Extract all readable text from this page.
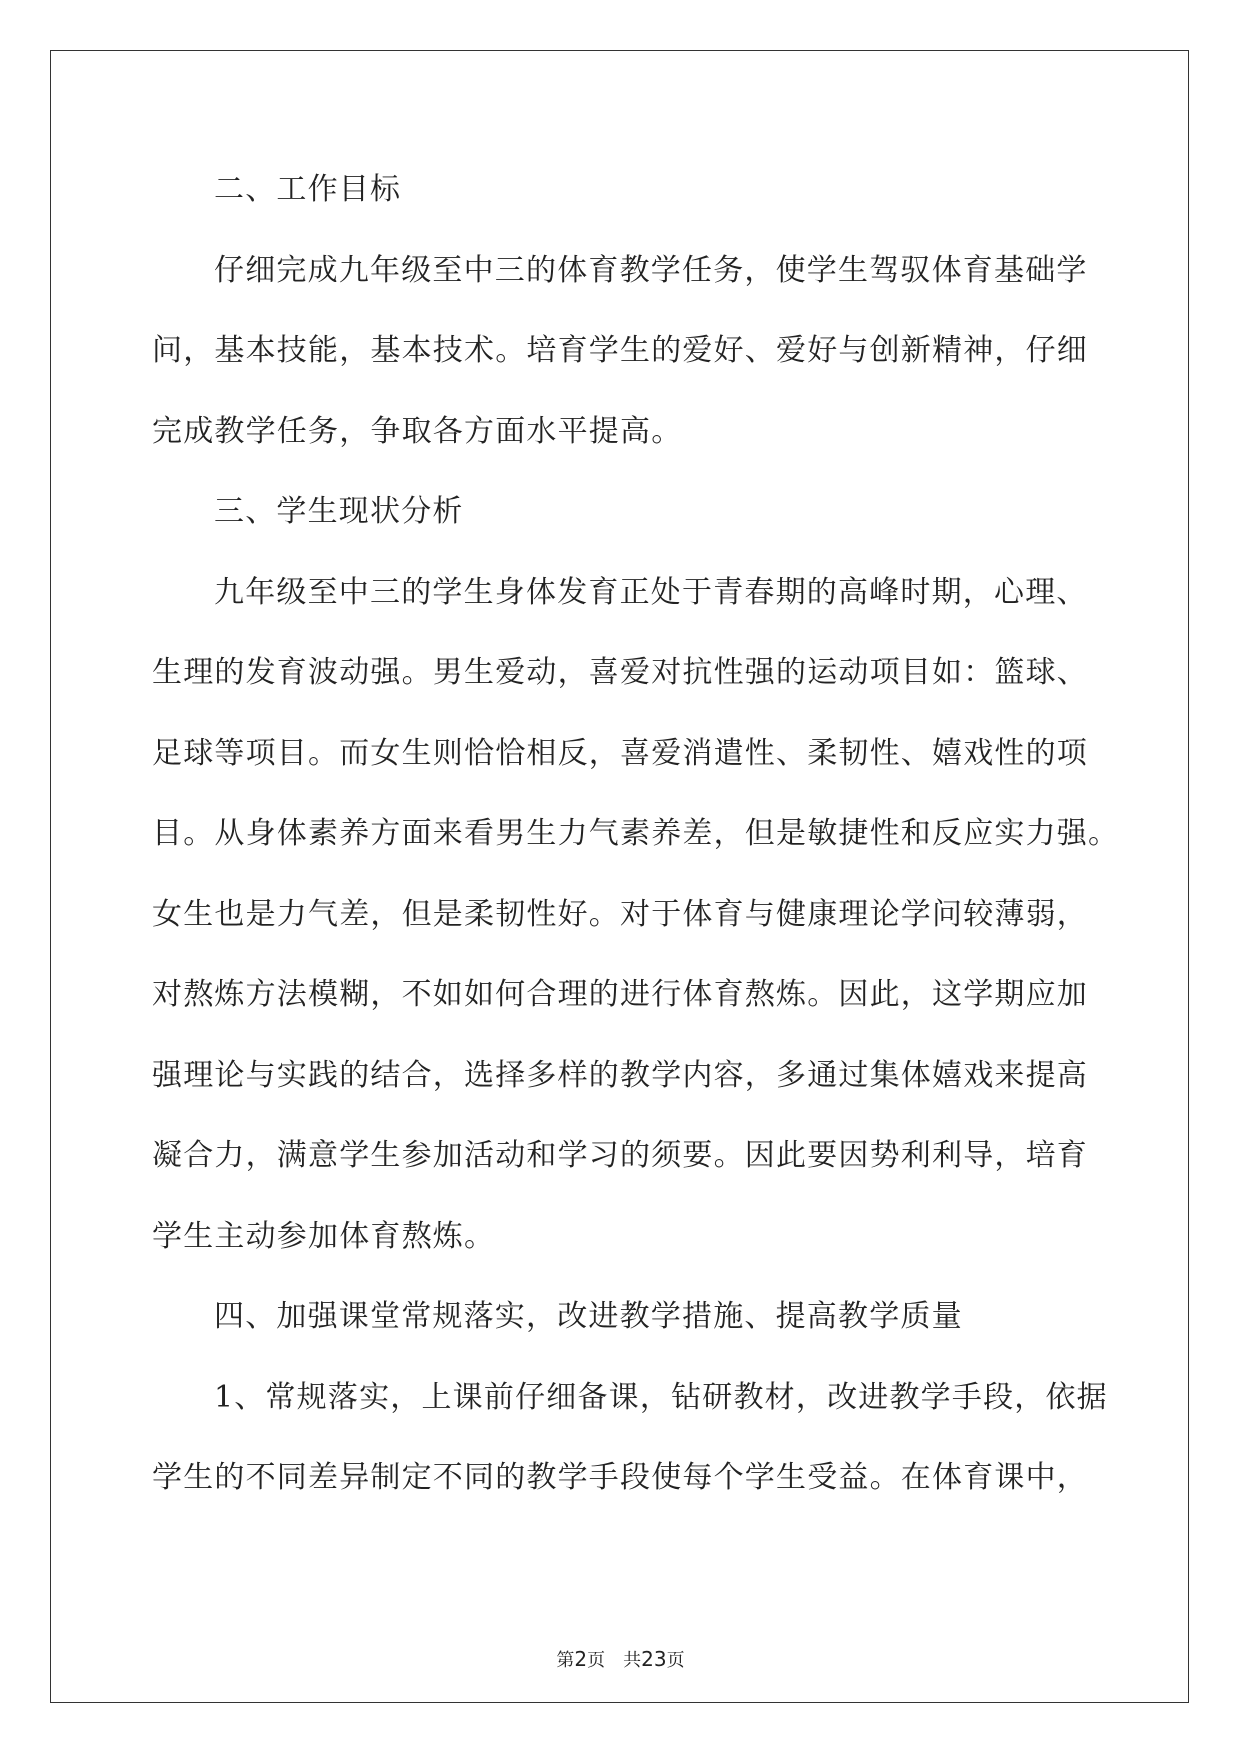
二、工作目标
仔细完成九年级至中三的体育教学任务，使学生驾驭体育基础学
问，基本技能，基本技术。培育学生的爱好、爱好与创新精神，仔细
完成教学任务，争取各方面水平提高。
三、学生现状分析
九年级至中三的学生身体发育正处于青春期的高峰时期，心理、
生理的发育波动强。男生爱动，喜爱对抗性强的运动项目如：篮球、
足球等项目。而女生则恰恰相反，喜爱消遣性、柔韧性、嬉戏性的项
目。从身体素养方面来看男生力气素养差，但是敏捷性和反应实力强。
女生也是力气差，但是柔韧性好。对于体育与健康理论学问较薄弱，
对熬炼方法模糊，不如如何合理的进行体育熬炼。因此，这学期应加
强理论与实践的结合，选择多样的教学内容，多通过集体嬉戏来提高
凝合力，满意学生参加活动和学习的须要。因此要因势利利导，培育
学生主动参加体育熬炼。
四、加强课堂常规落实，改进教学措施、提高教学质量
1、常规落实，上课前仔细备课，钻研教材，改进教学手段，依据
学生的不同差异制定不同的教学手段使每个学生受益。在体育课中，
第2页 共23页
